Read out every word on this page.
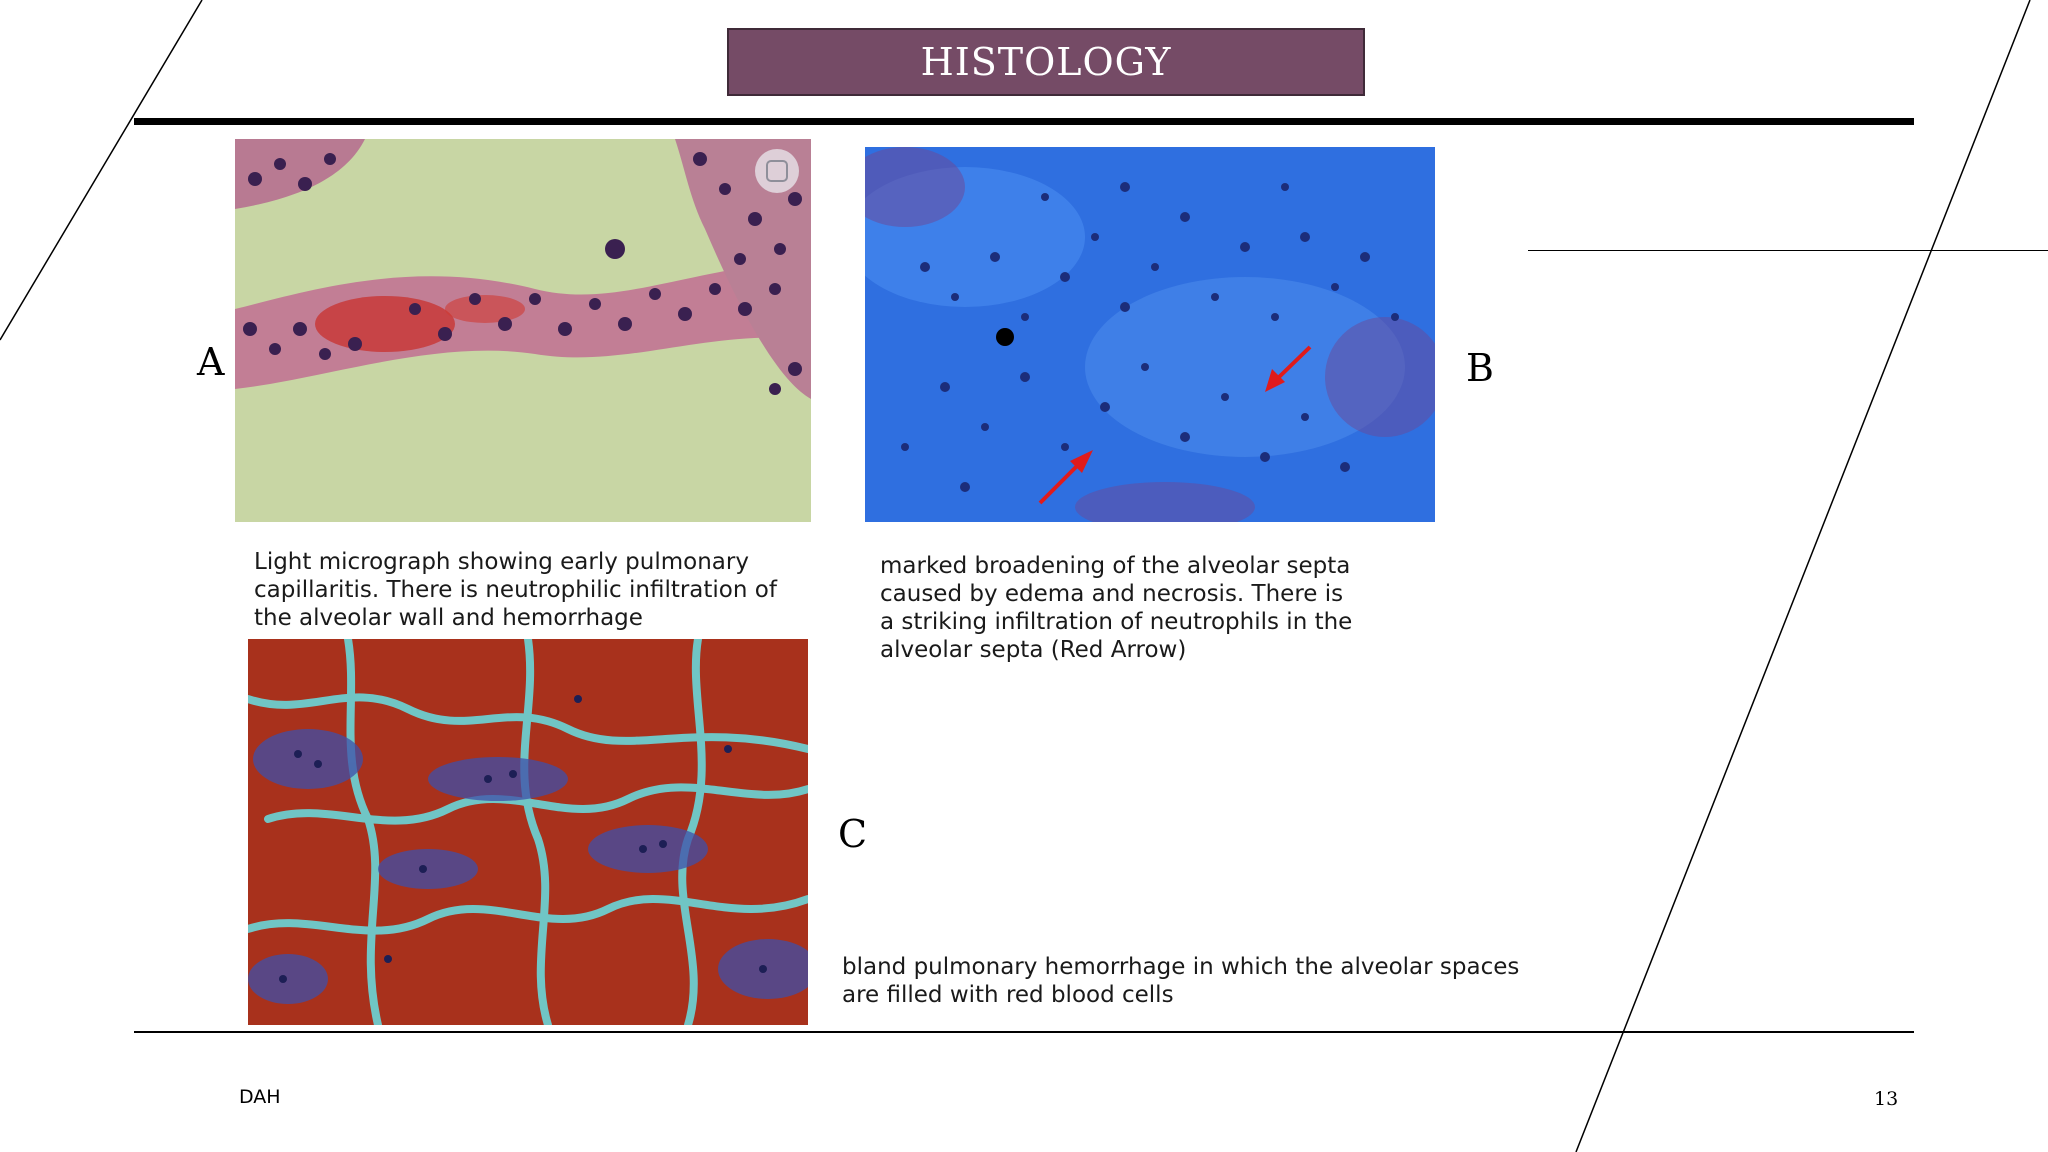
HISTOLOGY
A
Light micrograph showing early pulmonary capillaritis. There is neutrophilic infiltration of the alveolar wall and hemorrhage
B
marked broadening of the alveolar septa caused by edema and necrosis. There is a striking infiltration of neutrophils in the alveolar septa (Red Arrow)
C
bland pulmonary hemorrhage in which the alveolar spaces are filled with red blood cells
DAH	13
